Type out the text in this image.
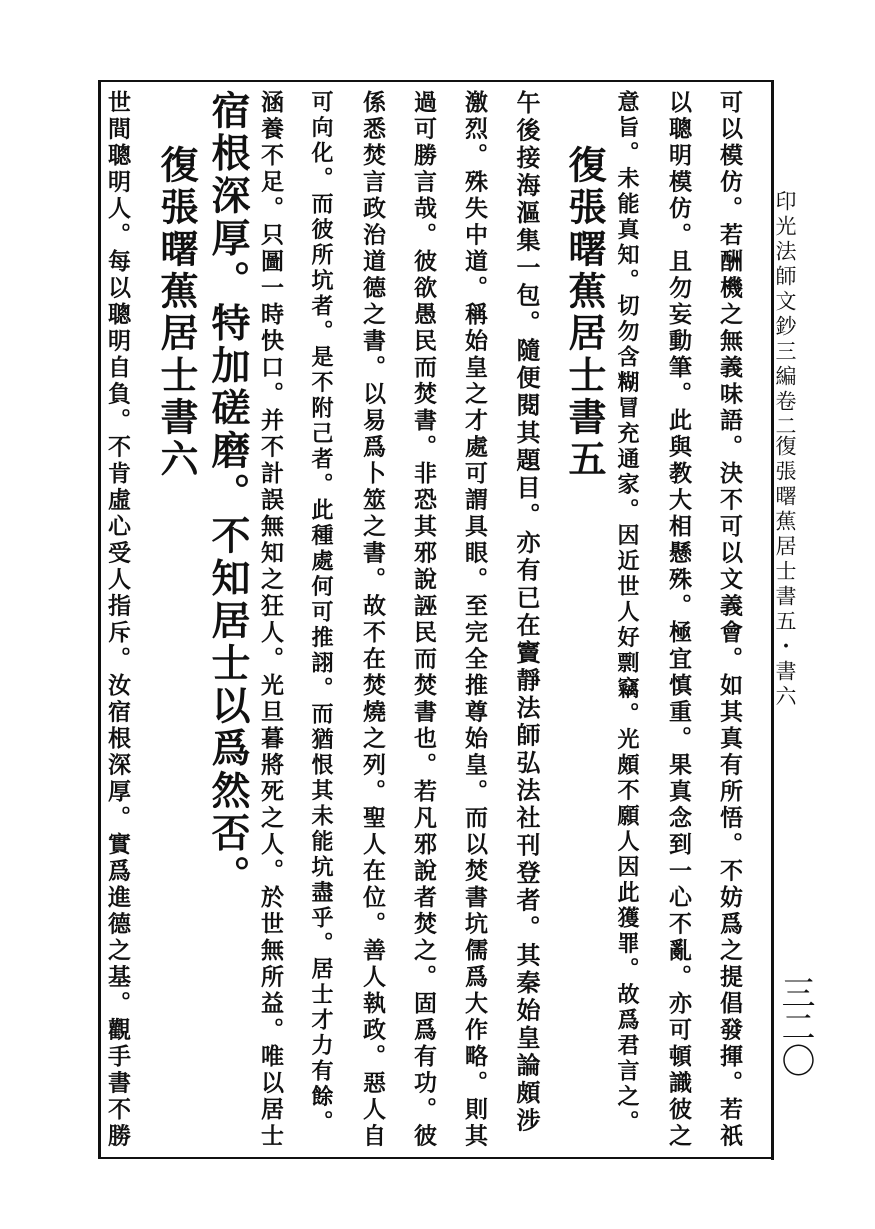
印光法師文鈔三編卷二
復張曙蕉居士書五・書六
三二〇
可以模仿。若酬機之無義味語。決不可以文義會。如其真有所悟。不妨爲之提倡發揮。若祇
以聰明模仿。且勿妄動筆。此與教大相懸殊。極宜慎重。果真念到一心不亂。亦可頓識彼之
意旨。未能真知。切勿含糊冒充通家。因近世人好剽竊。光頗不願人因此獲罪。故爲君言之。
復張曙蕉居士書五
午後接海漚集一包。隨便閱其題目。亦有已在竇靜法師弘法社刊登者。其秦始皇論頗涉
激烈。殊失中道。稱始皇之才處可謂具眼。至完全推尊始皇。而以焚書坑儒爲大作略。則其
過可勝言哉。彼欲愚民而焚書。非恐其邪說誣民而焚書也。若凡邪說者焚之。固爲有功。彼
係悉焚言政治道德之書。以易爲卜筮之書。故不在焚燒之列。聖人在位。善人執政。惡人自
可向化。而彼所坑者。是不附己者。此種處何可推詡。而猶恨其未能坑盡乎。居士才力有餘。
涵養不足。只圖一時快口。并不計誤無知之狂人。光旦暮將死之人。於世無所益。唯以居士
宿根深厚。特加磋磨。不知居士以爲然否。
復張曙蕉居士書六
世間聰明人。每以聰明自負。不肯虛心受人指斥。汝宿根深厚。實爲進德之基。觀手書不勝
